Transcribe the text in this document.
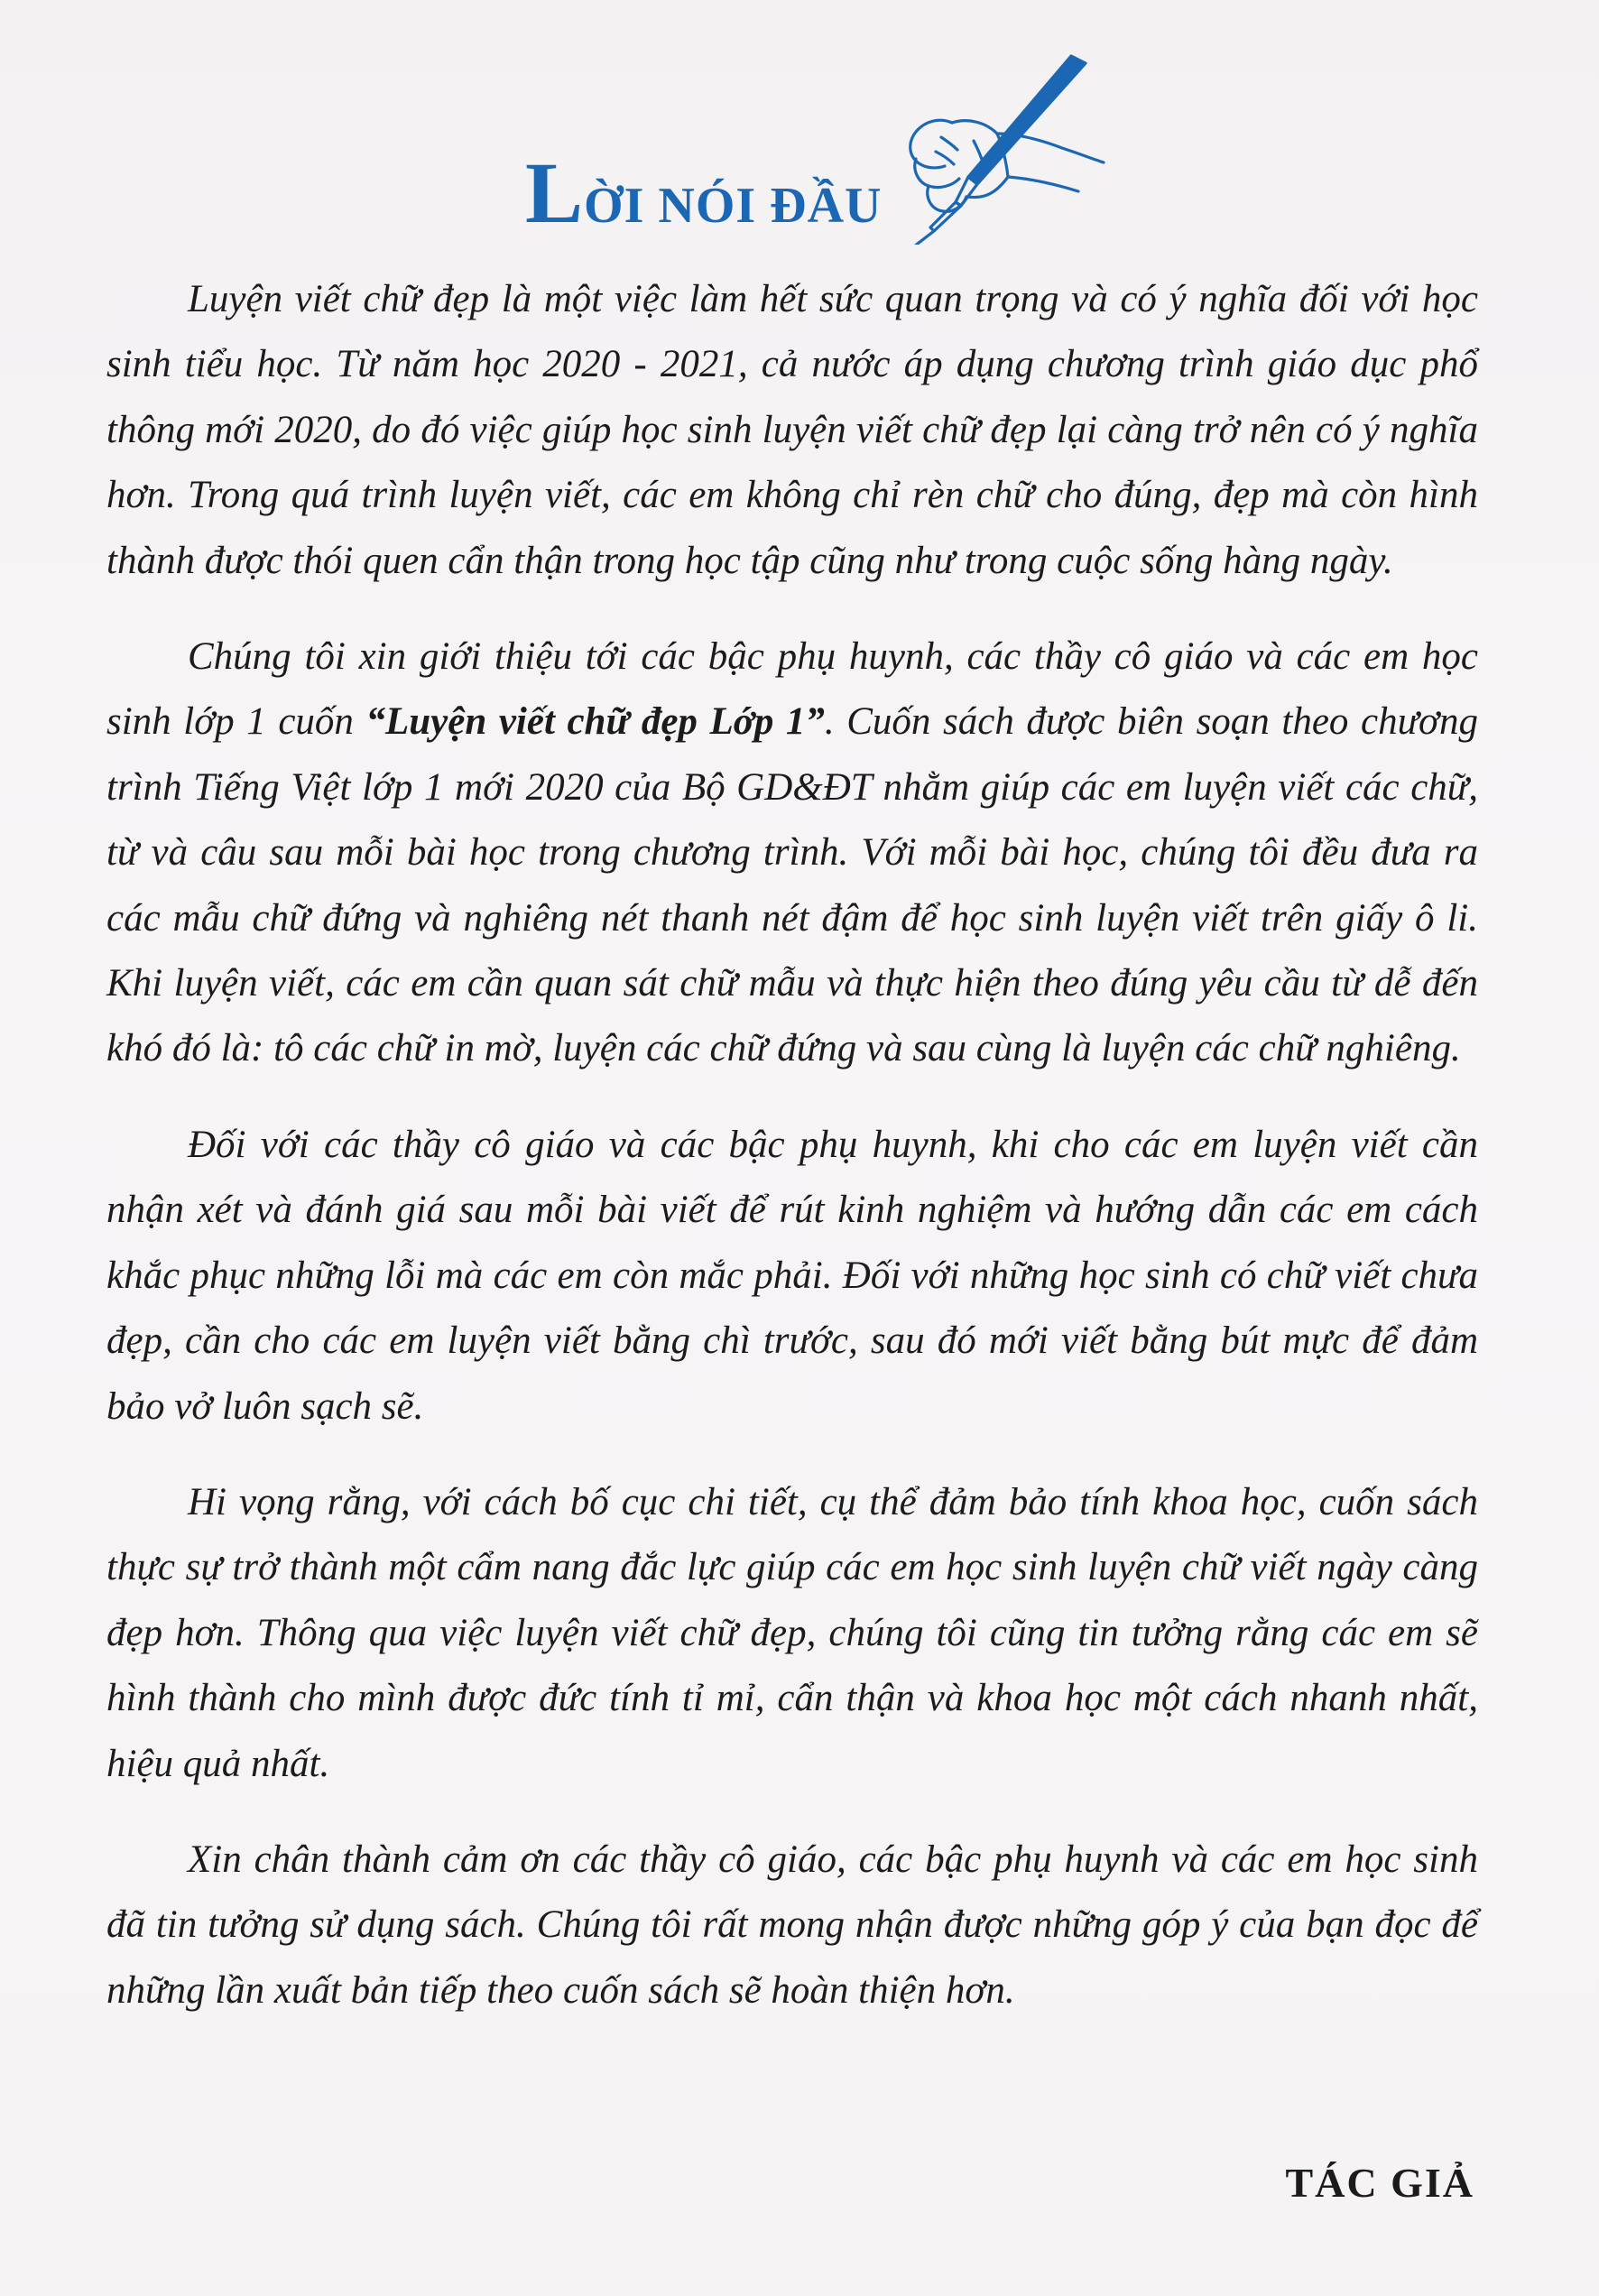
L ỜI NÓI ĐẦU

Luyện viết chữ đẹp là một việc làm hết sức quan trọng và có ý nghĩa đối với học sinh tiểu học. Từ năm học 2020 - 2021, cả nước áp dụng chương trình giáo dục phổ thông mới 2020, do đó việc giúp học sinh luyện viết chữ đẹp lại càng trở nên có ý nghĩa hơn. Trong quá trình luyện viết, các em không chỉ rèn chữ cho đúng, đẹp mà còn hình thành được thói quen cẩn thận trong học tập cũng như trong cuộc sống hàng ngày.

Chúng tôi xin giới thiệu tới các bậc phụ huynh, các thầy cô giáo và các em học sinh lớp 1 cuốn “Luyện viết chữ đẹp Lớp 1”. Cuốn sách được biên soạn theo chương trình Tiếng Việt lớp 1 mới 2020 của Bộ GD&ĐT nhằm giúp các em luyện viết các chữ, từ và câu sau mỗi bài học trong chương trình. Với mỗi bài học, chúng tôi đều đưa ra các mẫu chữ đứng và nghiêng nét thanh nét đậm để học sinh luyện viết trên giấy ô li. Khi luyện viết, các em cần quan sát chữ mẫu và thực hiện theo đúng yêu cầu từ dễ đến khó đó là: tô các chữ in mờ, luyện các chữ đứng và sau cùng là luyện các chữ nghiêng.

Đối với các thầy cô giáo và các bậc phụ huynh, khi cho các em luyện viết cần nhận xét và đánh giá sau mỗi bài viết để rút kinh nghiệm và hướng dẫn các em cách khắc phục những lỗi mà các em còn mắc phải. Đối với những học sinh có chữ viết chưa đẹp, cần cho các em luyện viết bằng chì trước, sau đó mới viết bằng bút mực để đảm bảo vở luôn sạch sẽ.

Hi vọng rằng, với cách bố cục chi tiết, cụ thể đảm bảo tính khoa học, cuốn sách thực sự trở thành một cẩm nang đắc lực giúp các em học sinh luyện chữ viết ngày càng đẹp hơn. Thông qua việc luyện viết chữ đẹp, chúng tôi cũng tin tưởng rằng các em sẽ hình thành cho mình được đức tính tỉ mỉ, cẩn thận và khoa học một cách nhanh nhất, hiệu quả nhất.

Xin chân thành cảm ơn các thầy cô giáo, các bậc phụ huynh và các em học sinh đã tin tưởng sử dụng sách. Chúng tôi rất mong nhận được những góp ý của bạn đọc để những lần xuất bản tiếp theo cuốn sách sẽ hoàn thiện hơn.

TÁC GIẢ
